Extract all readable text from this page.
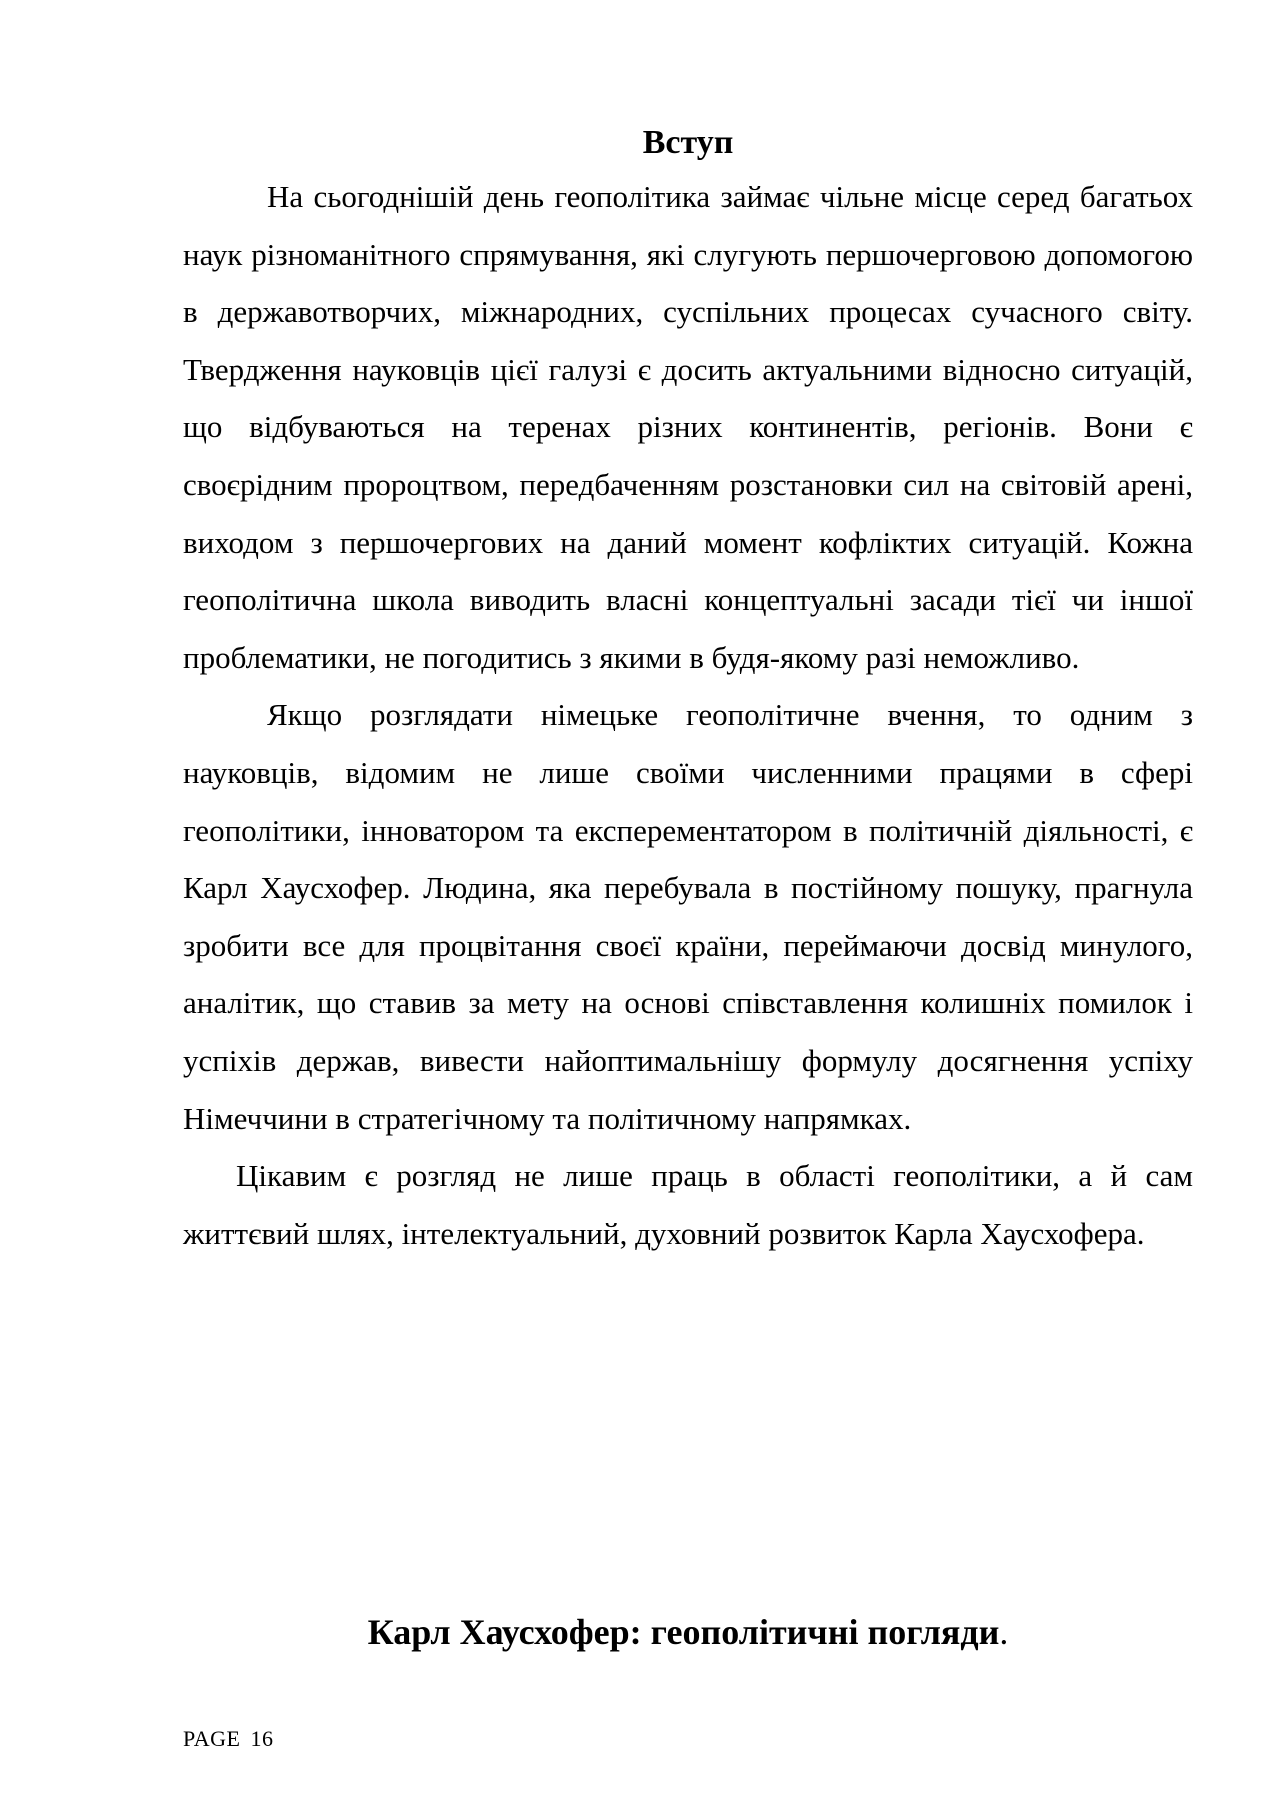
Вступ

На сьогоднішій день геополітика займає чільне місце серед багатьох наук різноманітного спрямування, які слугують першочерговою допомогою в державотворчих, міжнародних, суспільних процесах сучасного світу. Твердження науковців цієї галузі є досить актуальними відносно ситуацій, що відбуваються на теренах різних континентів, регіонів. Вони є своєрідним пророцтвом, передбаченням розстановки сил на світовій арені, виходом з першочергових на даний момент кофліктих ситуацій. Кожна геополітична школа виводить власні концептуальні засади тієї чи іншої проблематики, не погодитись з якими в будя-якому разі неможливо.

Якщо розглядати німецьке геополітичне вчення, то одним з науковців, відомим не лише своїми численними працями в сфері геополітики, інноватором та експерементатором в політичній діяльності, є Карл Хаусхофер. Людина, яка перебувала в постійному пошуку, прагнула зробити все для процвітання своєї країни, переймаючи досвід минулого, аналітик, що ставив за мету на основі співставлення колишніх помилок і успіхів держав, вивести найоптимальнішу формулу досягнення успіху Німеччини в стратегічному та політичному напрямках.

Цікавим є розгляд не лише праць в області геополітики, а й сам життєвий шлях, інтелектуальний, духовний розвиток Карла Хаусхофера.

Карл Хаусхофер: геополітичні погляди.
PAGE 16
